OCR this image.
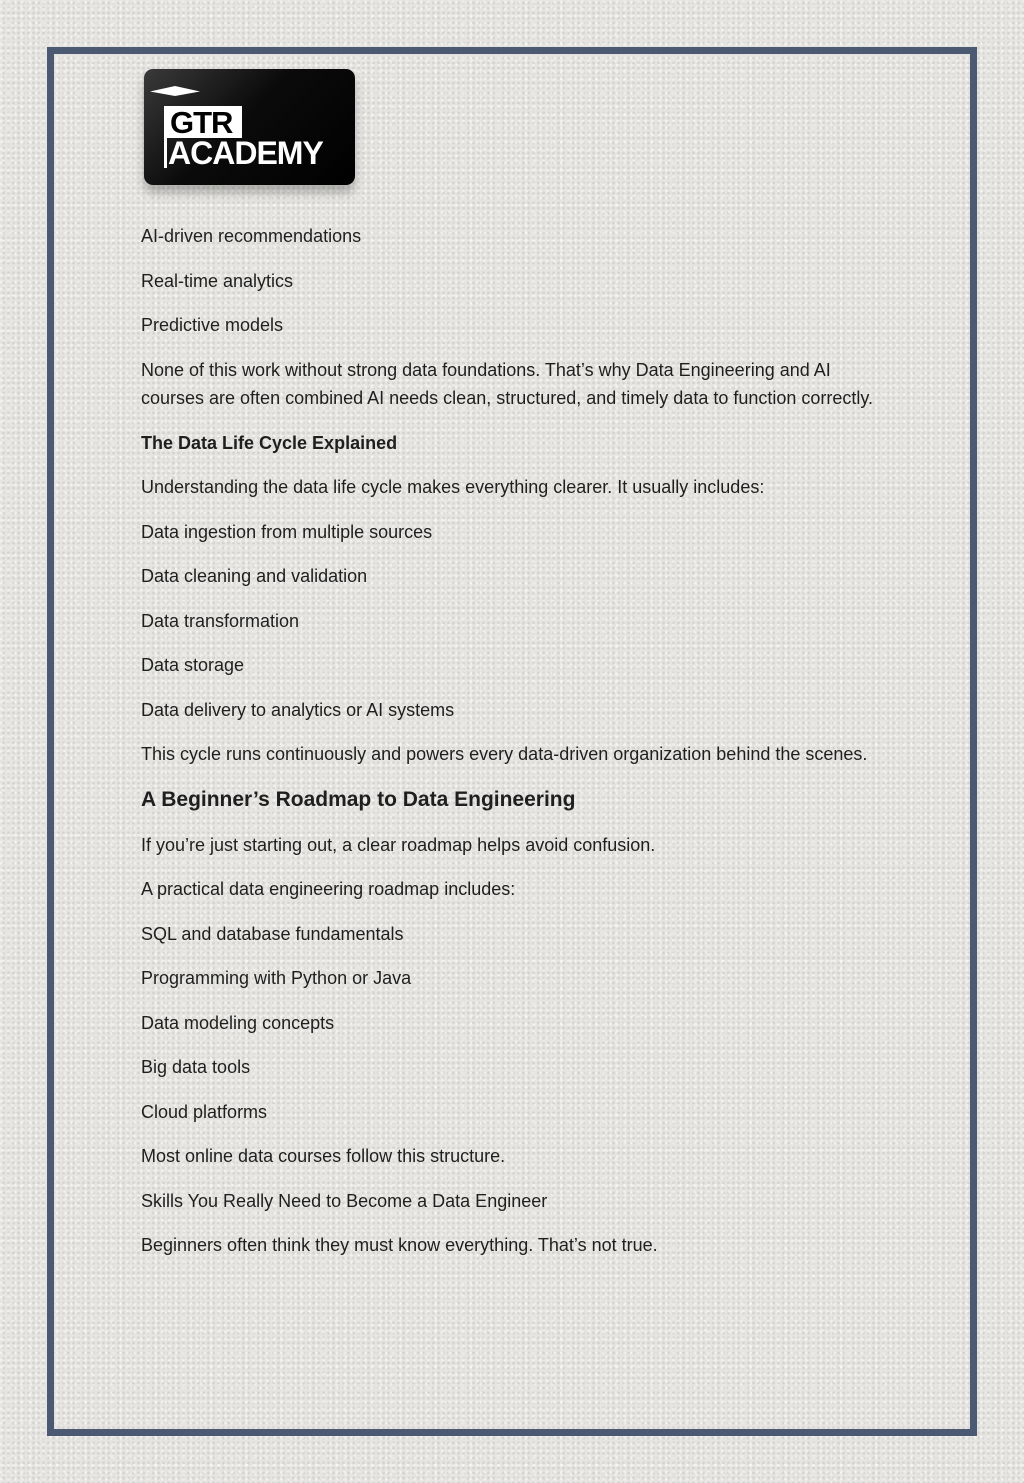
GTR
ACADEMY

AI-driven recommendations

Real-time analytics

Predictive models

None of this work without strong data foundations. That’s why Data Engineering and AI courses are often combined AI needs clean, structured, and timely data to function correctly.

The Data Life Cycle Explained

Understanding the data life cycle makes everything clearer. It usually includes:

Data ingestion from multiple sources

Data cleaning and validation

Data transformation

Data storage

Data delivery to analytics or AI systems

This cycle runs continuously and powers every data-driven organization behind the scenes.

A Beginner’s Roadmap to Data Engineering

If you’re just starting out, a clear roadmap helps avoid confusion.

A practical data engineering roadmap includes:

SQL and database fundamentals

Programming with Python or Java

Data modeling concepts

Big data tools

Cloud platforms

Most online data courses follow this structure.

Skills You Really Need to Become a Data Engineer

Beginners often think they must know everything. That’s not true.
